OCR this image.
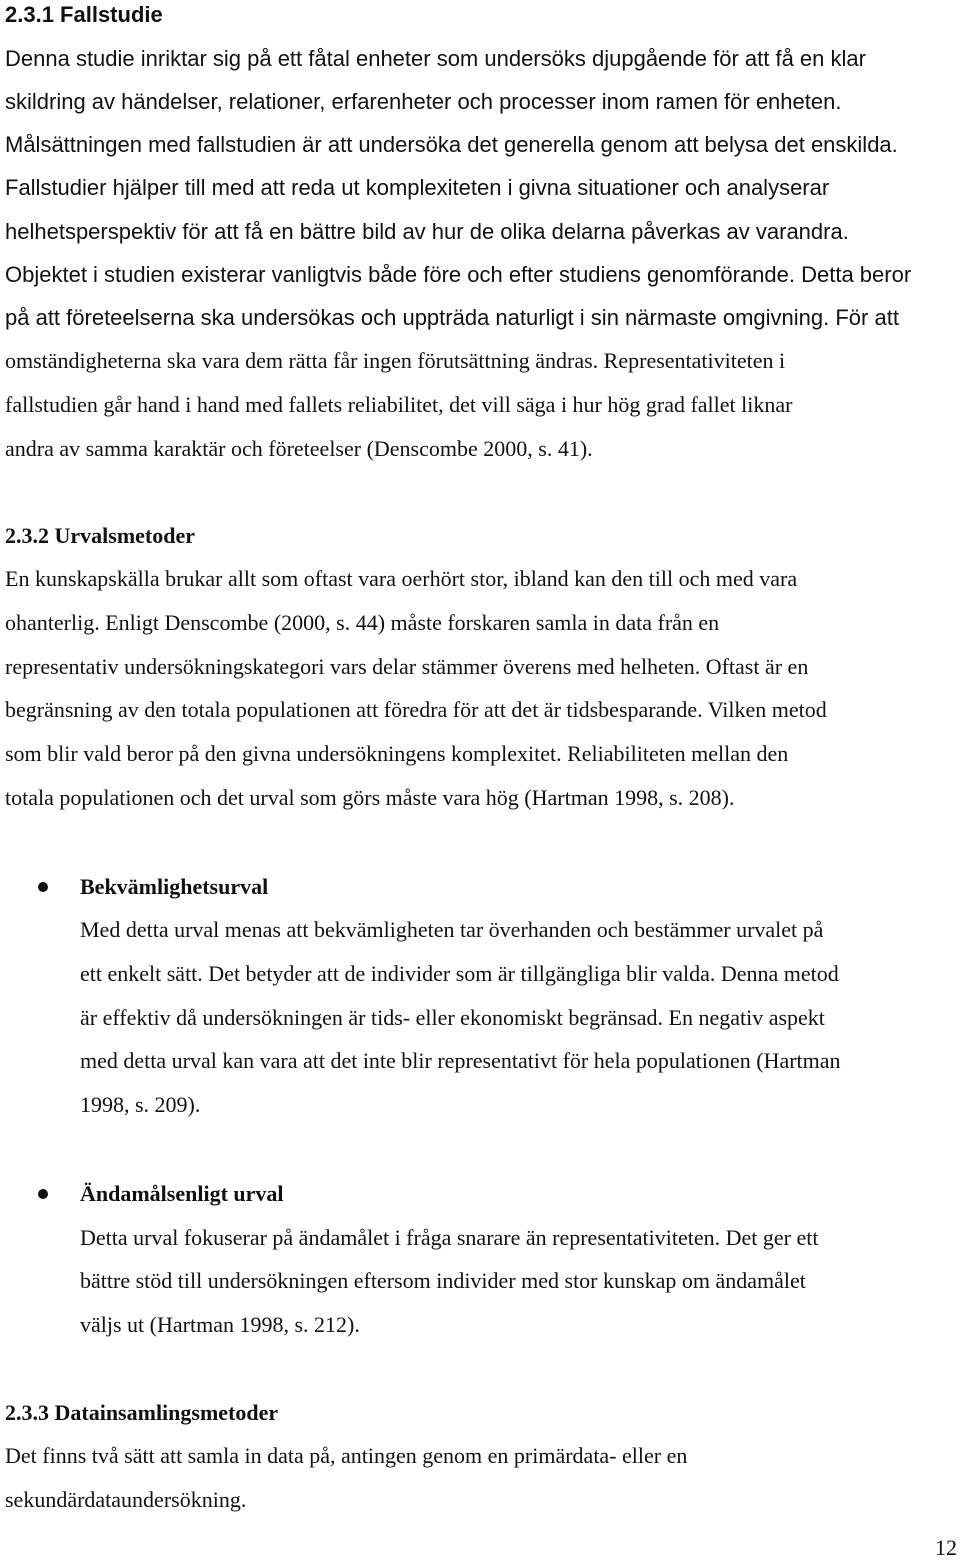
2.3.1 Fallstudie
Denna studie inriktar sig på ett fåtal enheter som undersöks djupgående för att få en klar
skildring av händelser, relationer, erfarenheter och processer inom ramen för enheten.
Målsättningen med fallstudien är att undersöka det generella genom att belysa det enskilda.
Fallstudier hjälper till med att reda ut komplexiteten i givna situationer och analyserar
helhetsperspektiv för att få en bättre bild av hur de olika delarna påverkas av varandra.
Objektet i studien existerar vanligtvis både före och efter studiens genomförande. Detta beror
på att företeelserna ska undersökas och uppträda naturligt i sin närmaste omgivning. För att
omständigheterna ska vara dem rätta får ingen förutsättning ändras. Representativiteten i
fallstudien går hand i hand med fallets reliabilitet, det vill säga i hur hög grad fallet liknar
andra av samma karaktär och företeelser (Denscombe 2000, s. 41).
2.3.2 Urvalsmetoder
En kunskapskälla brukar allt som oftast vara oerhört stor, ibland kan den till och med vara
ohanterlig. Enligt Denscombe (2000, s. 44) måste forskaren samla in data från en
representativ undersökningskategori vars delar stämmer överens med helheten. Oftast är en
begränsning av den totala populationen att föredra för att det är tidsbesparande. Vilken metod
som blir vald beror på den givna undersökningens komplexitet. Reliabiliteten mellan den
totala populationen och det urval som görs måste vara hög (Hartman 1998, s. 208).
Bekvämlighetsurval
Med detta urval menas att bekvämligheten tar överhanden och bestämmer urvalet på
ett enkelt sätt. Det betyder att de individer som är tillgängliga blir valda. Denna metod
är effektiv då undersökningen är tids- eller ekonomiskt begränsad. En negativ aspekt
med detta urval kan vara att det inte blir representativt för hela populationen (Hartman
1998, s. 209).
Ändamålsenligt urval
Detta urval fokuserar på ändamålet i fråga snarare än representativiteten. Det ger ett
bättre stöd till undersökningen eftersom individer med stor kunskap om ändamålet
väljs ut (Hartman 1998, s. 212).
2.3.3 Datainsamlingsmetoder
Det finns två sätt att samla in data på, antingen genom en primärdata- eller en
sekundärdataundersökning.
12
